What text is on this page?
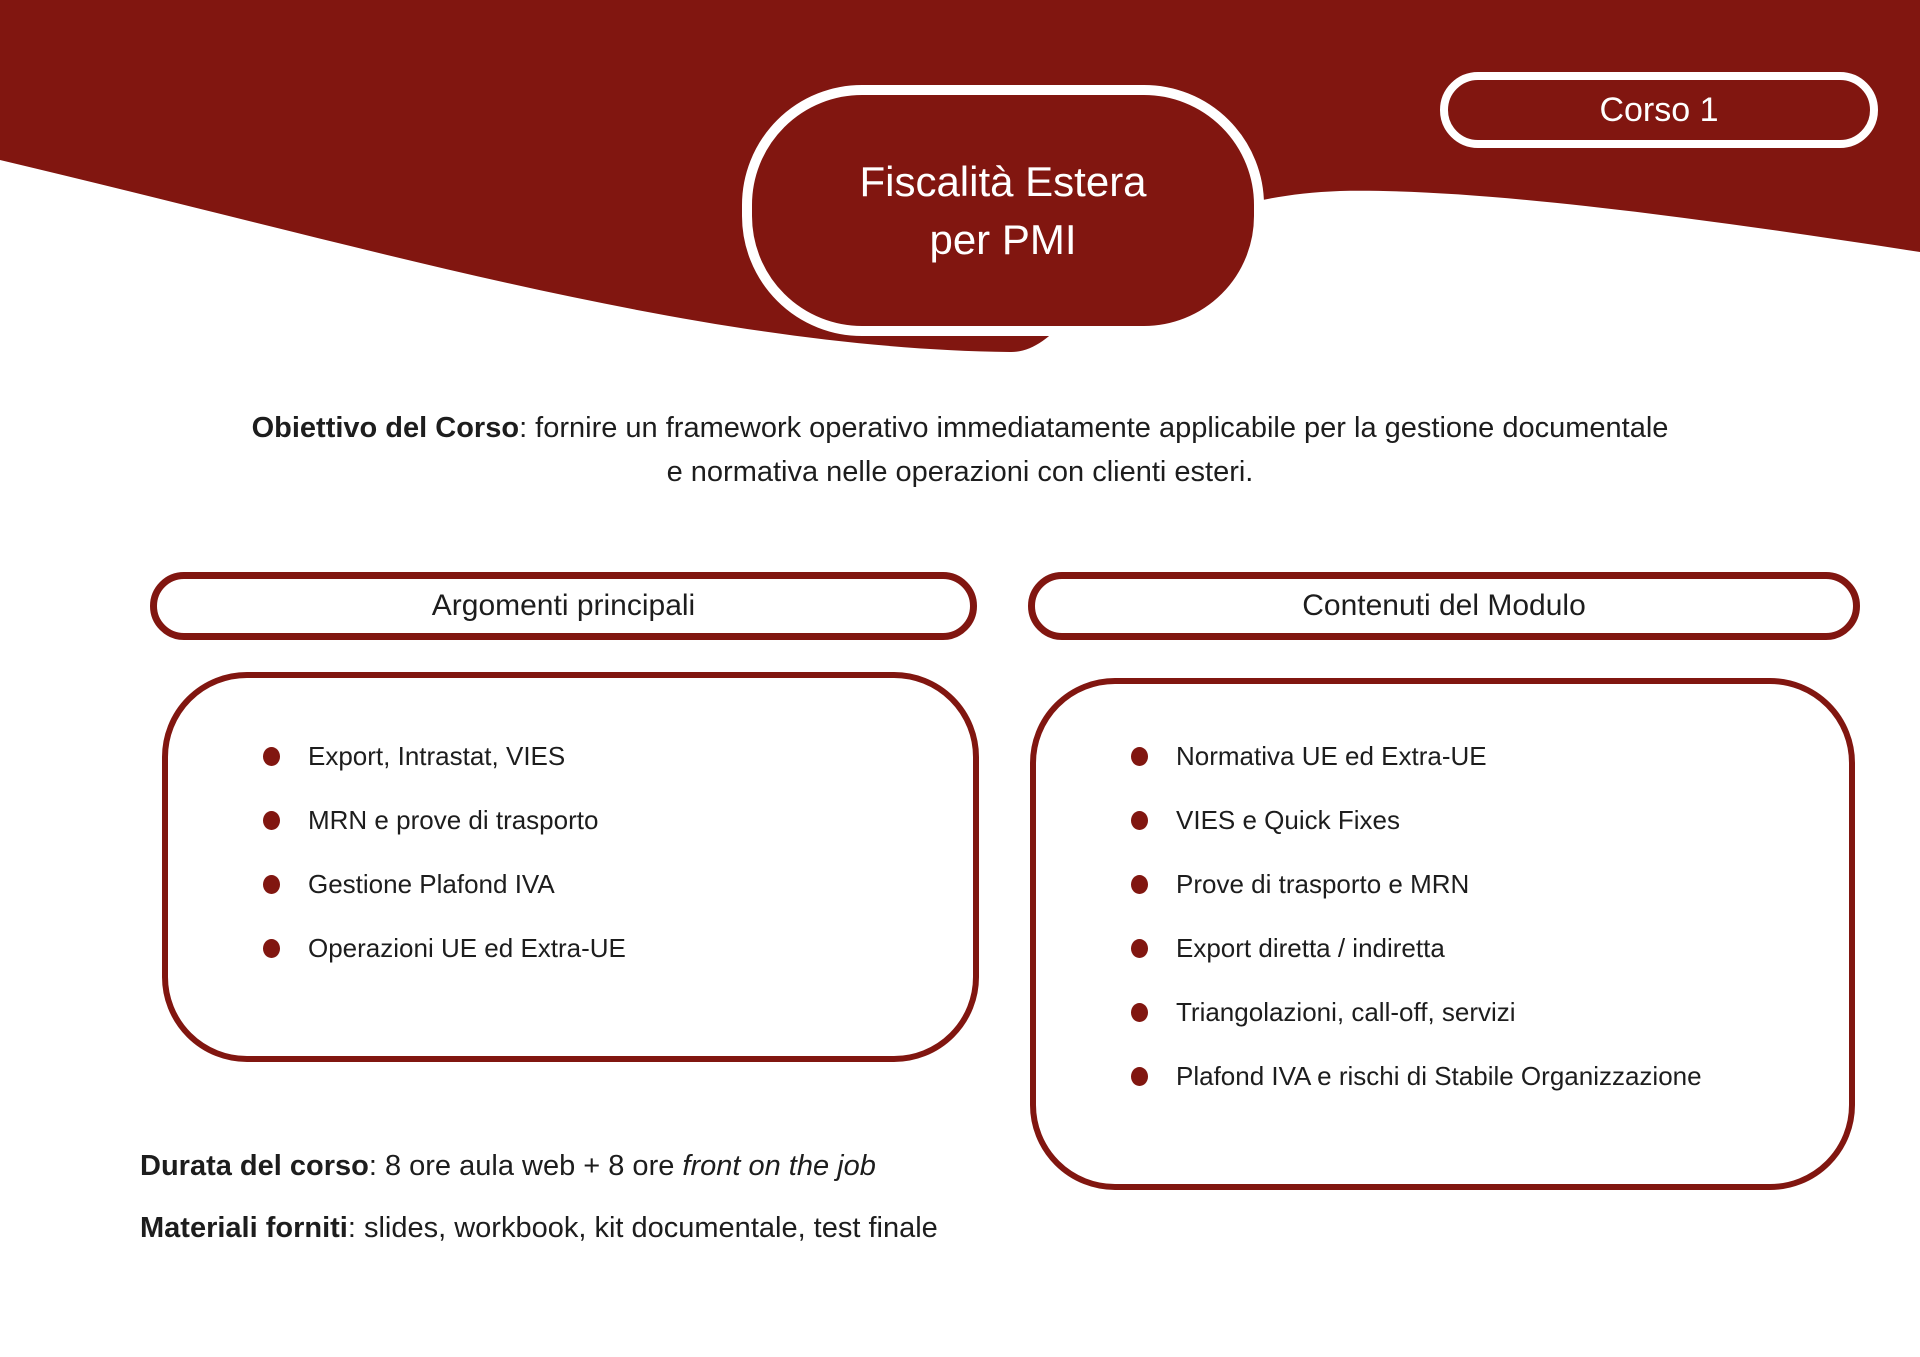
Fiscalità Estera
per PMI
Corso 1
Obiettivo del Corso: fornire un framework operativo immediatamente applicabile per la gestione documentale e normativa nelle operazioni con clienti esteri.
Argomenti principali	Contenuti del Modulo
Export, Intrastat, VIES
MRN e prove di trasporto
Gestione Plafond IVA
Operazioni UE ed Extra-UE
Normativa UE ed Extra-UE
VIES e Quick Fixes
Prove di trasporto e MRN
Export diretta / indiretta
Triangolazioni, call-off, servizi
Plafond IVA e rischi di Stabile Organizzazione
Durata del corso: 8 ore aula web + 8 ore front on the job
Materiali forniti: slides, workbook, kit documentale, test finale
